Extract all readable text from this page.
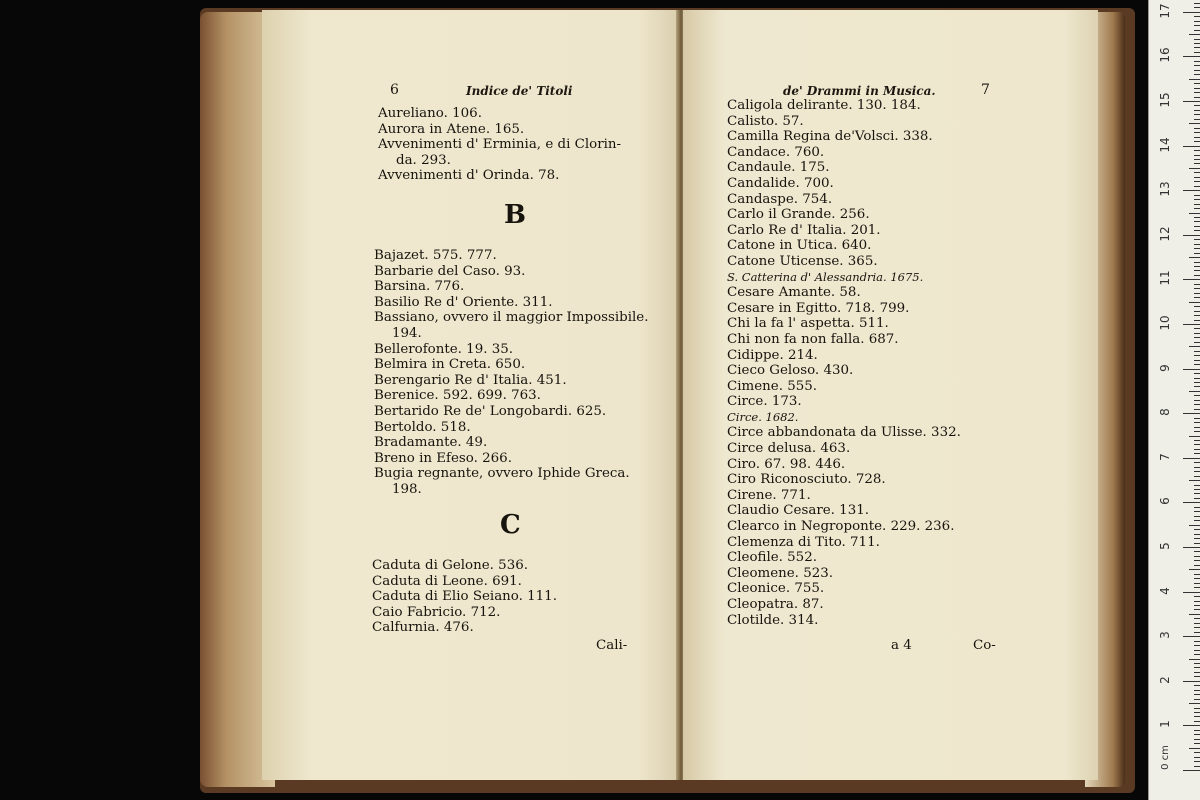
6	Indice de' Titoli
Aureliano. 106.
Aurora in Atene. 165.
Avvenimenti d' Erminia, e di Clorin-
da. 293.
Avvenimenti d' Orinda. 78.
B
Bajazet. 575. 777.
Barbarie del Caso. 93.
Barsina. 776.
Basilio Re d' Oriente. 311.
Bassiano, ovvero il maggior Impossibile.
194.
Bellerofonte. 19. 35.
Belmira in Creta. 650.
Berengario Re d' Italia. 451.
Berenice. 592. 699. 763.
Bertarido Re de' Longobardi. 625.
Bertoldo. 518.
Bradamante. 49.
Breno in Efeso. 266.
Bugia regnante, ovvero Iphide Greca.
198.
C
Caduta di Gelone. 536.
Caduta di Leone. 691.
Caduta di Elio Seiano. 111.
Caio Fabricio. 712.
Calfurnia. 476.
Cali-
de' Drammi in Musica.	7
Caligola delirante. 130. 184.
Calisto. 57.
Camilla Regina de'Volsci. 338.
Candace. 760.
Candaule. 175.
Candalide. 700.
Candaspe. 754.
Carlo il Grande. 256.
Carlo Re d' Italia. 201.
Catone in Utica. 640.
Catone Uticense. 365.
S. Catterina d' Alessandria. 1675.
Cesare Amante. 58.
Cesare in Egitto. 718. 799.
Chi la fa l' aspetta. 511.
Chi non fa non falla. 687.
Cidippe. 214.
Cieco Geloso. 430.
Cimene. 555.
Circe. 173.
Circe. 1682.
Circe abbandonata da Ulisse. 332.
Circe delusa. 463.
Ciro. 67. 98. 446.
Ciro Riconosciuto. 728.
Cirene. 771.
Claudio Cesare. 131.
Clearco in Negroponte. 229. 236.
Clemenza di Tito. 711.
Cleofile. 552.
Cleomene. 523.
Cleonice. 755.
Cleopatra. 87.
Clotilde. 314.
a 4	Co-
0 cm
1
2
3
4
5
6
7
8
9
10
11
12
13
14
15
16
17
